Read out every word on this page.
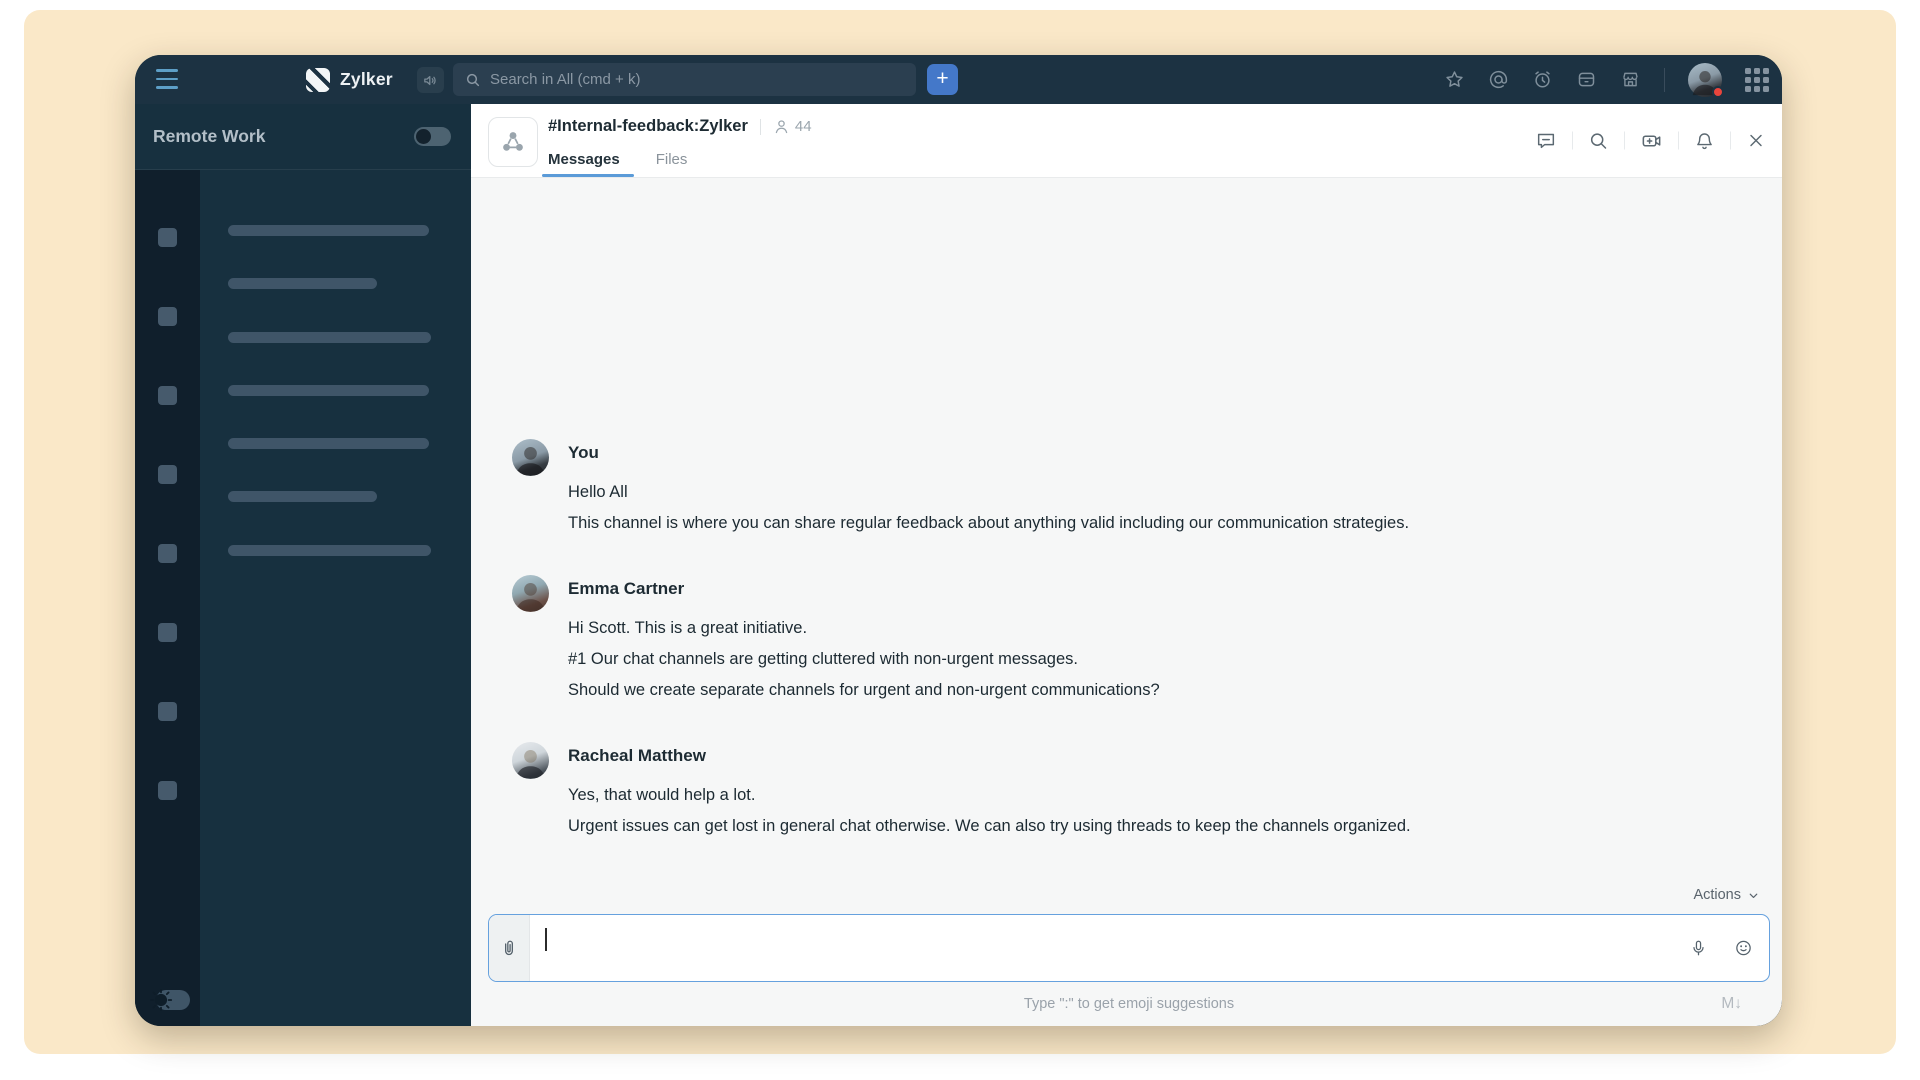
Zylker	Search in All (cmd + k)	+
Remote Work	#Internal-feedback:Zylker	44
Messages Files
You
Hello All
This channel is where you can share regular feedback about anything valid including our communication strategies.
Emma Cartner
Hi Scott. This is a great initiative.
#1 Our chat channels are getting cluttered with non-urgent messages.
Should we create separate channels for urgent and non-urgent communications?
Racheal Matthew
Yes, that would help a lot.
Urgent issues can get lost in general chat otherwise. We can also try using threads to keep the channels organized.
Actions
Type ":" to get emoji suggestions	M↓
